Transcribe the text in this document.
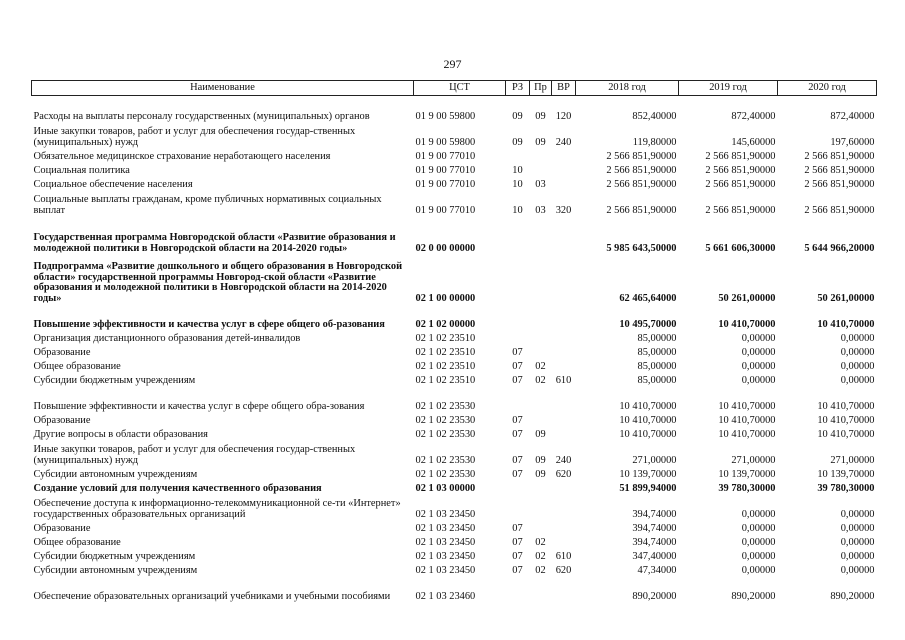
297
Наименование	ЦСТ	РЗ	Пр	ВР	2018 год	2019 год	2020 год
Расходы на выплаты персоналу государственных (муниципальных) органов	01 9 00 59800	09	09	120	852,40000	872,40000	872,40000
Иные закупки товаров, работ и услуг для обеспечения государ-ственных (муниципальных) нужд	01 9 00 59800	09	09	240	119,80000	145,60000	197,60000
Обязательное медицинское страхование неработающего населения	01 9 00 77010				2 566 851,90000	2 566 851,90000	2 566 851,90000
Социальная политика	01 9 00 77010	10			2 566 851,90000	2 566 851,90000	2 566 851,90000
Социальное обеспечение населения	01 9 00 77010	10	03		2 566 851,90000	2 566 851,90000	2 566 851,90000
Социальные выплаты гражданам, кроме публичных нормативных социальных выплат	01 9 00 77010	10	03	320	2 566 851,90000	2 566 851,90000	2 566 851,90000
Государственная программа Новгородской области «Развитие образования и молодежной политики в Новгородской области на 2014-2020 годы»	02 0 00 00000				5 985 643,50000	5 661 606,30000	5 644 966,20000
Подпрограмма «Развитие дошкольного и общего образования в Новгородской области» государственной программы Новгород-ской области «Развитие образования и молодежной политики в Новгородской области на 2014-2020 годы»	02 1 00 00000				62 465,64000	50 261,00000	50 261,00000
Повышение эффективности и качества услуг в сфере общего об-разования	02 1 02 00000				10 495,70000	10 410,70000	10 410,70000
Организация дистанционного образования детей-инвалидов	02 1 02 23510				85,00000	0,00000	0,00000
Образование	02 1 02 23510	07			85,00000	0,00000	0,00000
Общее образование	02 1 02 23510	07	02		85,00000	0,00000	0,00000
Субсидии бюджетным учреждениям	02 1 02 23510	07	02	610	85,00000	0,00000	0,00000
Повышение эффективности и качества услуг в сфере общего обра-зования	02 1 02 23530				10 410,70000	10 410,70000	10 410,70000
Образование	02 1 02 23530	07			10 410,70000	10 410,70000	10 410,70000
Другие вопросы в области образования	02 1 02 23530	07	09		10 410,70000	10 410,70000	10 410,70000
Иные закупки товаров, работ и услуг для обеспечения государ-ственных (муниципальных) нужд	02 1 02 23530	07	09	240	271,00000	271,00000	271,00000
Субсидии автономным учреждениям	02 1 02 23530	07	09	620	10 139,70000	10 139,70000	10 139,70000
Создание условий для получения качественного образования	02 1 03 00000				51 899,94000	39 780,30000	39 780,30000
Обеспечение доступа к информационно-телекоммуникационной се-ти «Интернет» государственных образовательных организаций	02 1 03 23450				394,74000	0,00000	0,00000
Образование	02 1 03 23450	07			394,74000	0,00000	0,00000
Общее образование	02 1 03 23450	07	02		394,74000	0,00000	0,00000
Субсидии бюджетным учреждениям	02 1 03 23450	07	02	610	347,40000	0,00000	0,00000
Субсидии автономным учреждениям	02 1 03 23450	07	02	620	47,34000	0,00000	0,00000
Обеспечение образовательных организаций учебниками и учебными пособиями	02 1 03 23460				890,20000	890,20000	890,20000
